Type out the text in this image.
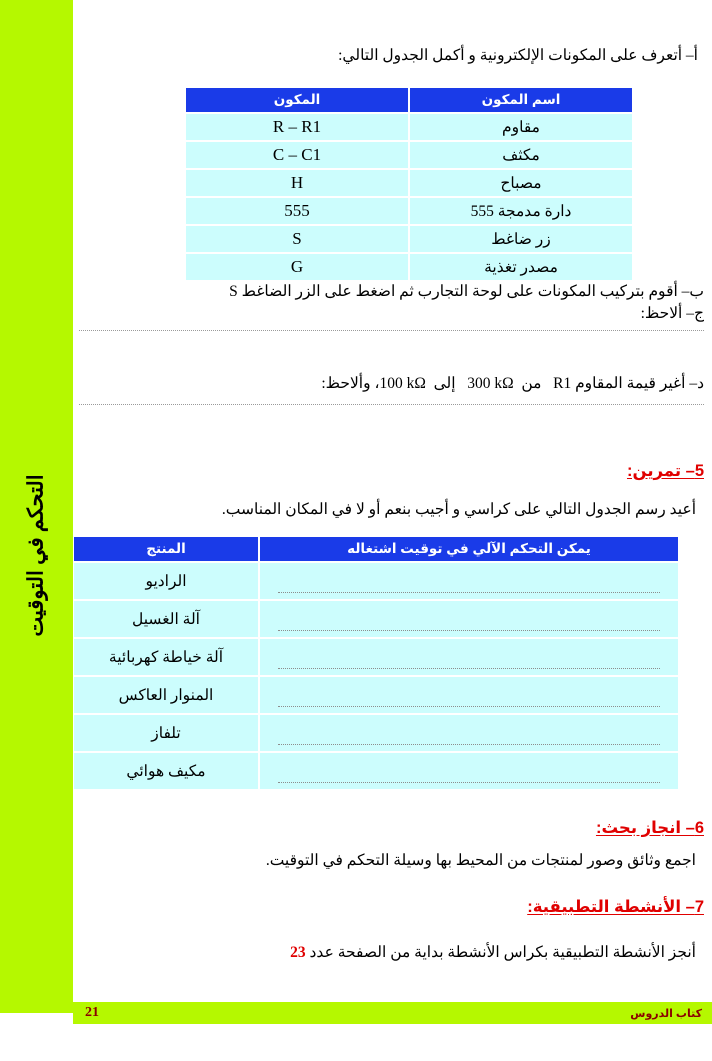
التحكم في التوقيت
أ– أتعرف على المكونات الإلكترونية و أكمل الجدول التالي:
اسم المكون	المكون
مقاوم	R – R1
مكثف	C – C1
مصباح	H
دارة مدمجة 555	555
زر ضاغط	S
مصدر تغذية	G
ب– أقوم بتركيب المكونات على لوحة التجارب ثم اضغط على الزر الضاغط S
ج– ألاحظ:
د– أغير قيمة المقاوم R1   من  300 kΩ   إلى  100 kΩ، وألاحظ:
5– تمرين:
أعيد رسم الجدول التالي على كراسي و أجيب بنعم أو لا في المكان المناسب.
يمكن التحكم الآلي في توقيت اشتغاله	المنتج

	الراديو

	آلة الغسيل

	آلة خياطة كهربائية

	المنوار العاكس

	تلفاز

	مكيف هوائي
6– انجاز بحث:
اجمع وثائق وصور لمنتجات من المحيط بها وسيلة التحكم في التوقيت.
7– الأنشطة التطبيقية:
أنجز الأنشطة التطبيقية بكراس الأنشطة بداية من الصفحة عدد 23
كتاب الدروس
21
